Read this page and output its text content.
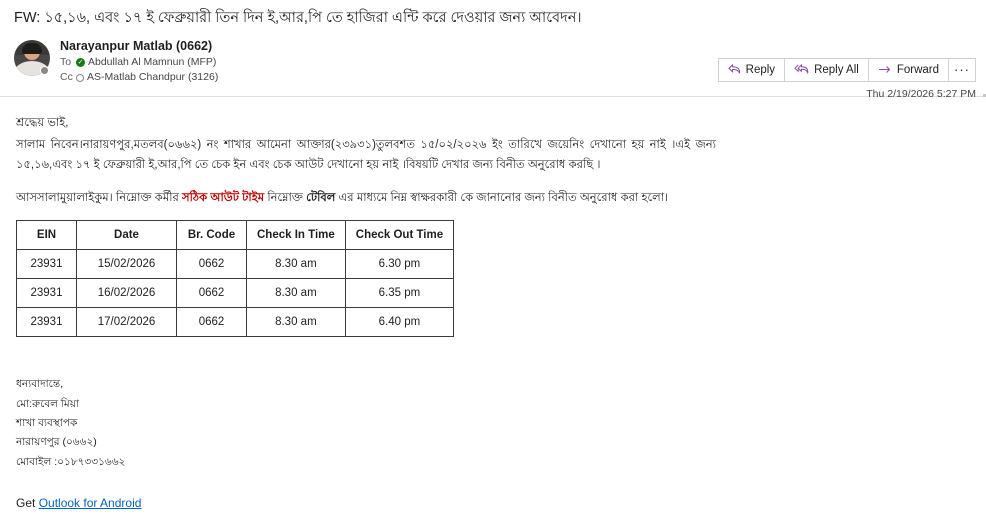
FW: ১৫,১৬, এবং ১৭ ই ফেব্রুয়ারী তিন দিন ই,আর,পি তে হাজিরা এন্টি করে দেওয়ার জন্য আবেদন।
Narayanpur Matlab (0662)
To ✓ Abdullah Al Mamnun (MFP)
Cc	AS-Matlab Chandpur (3126)
Reply	Reply All	Forward	···
Thu 2/19/2026 5:27 PM

শ্রদ্ধেয় ভাই,

সালাম নিবেন।নারায়ণপুর,মতলব(০৬৬২) নং শাখার আমেনা আক্তার(২৩৯৩১)তুলবশত ১৫/০২/২০২৬ ইং তারিখে জয়েনিং দেখানো হয় নাই ।এই জন্য ১৫,১৬,এবং ১৭ ই ফেব্রুয়ারী ই,আর,পি তে চেক ইন এবং চেক আউট দেখানো হয় নাই ।বিষয়টি দেখার জন্য বিনীত অনুরোধ করছি ।

আসসালামুয়ালাইকুম। নিম্নোক্ত কর্মীর সঠিক আউট টাইম নিম্নোক্ত টেবিল এর মাধ্যমে নিম্ন স্বাক্ষরকারী কে জানানোর জন্য বিনীত অনুরোধ করা হলো।

EIN	Date	Br. Code	Check In Time	Check Out Time
23931	15/02/2026	0662	8.30 am	6.30 pm
23931	16/02/2026	0662	8.30 am	6.35 pm
23931	17/02/2026	0662	8.30 am	6.40 pm
ধন্যবাদান্তে,
মো:রুবেল মিয়া
শাখা ব্যবস্থাপক
নারায়ণপুর (০৬৬২)
মোবাইল :০১৮৭৩৩১৬৬২
Get Outlook for Android
